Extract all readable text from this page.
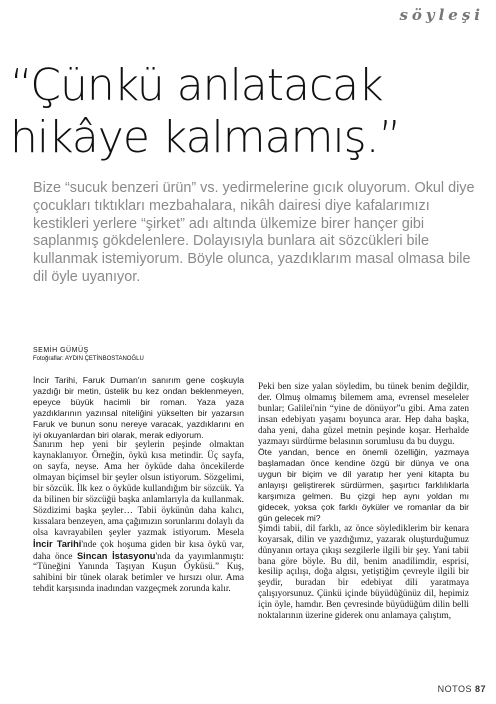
söyleşi
“Çünkü anlatacak hikâye kalmamış.”

Bize “sucuk benzeri ürün” vs. yedirmelerine gıcık oluyorum. Okul diye çocukları tıktıkları mezbahalara, nikâh dairesi diye kafalarımızı kestikleri yerlere “şirket” adı altında ülkemize birer hançer gibi saplanmış gökdelenlere. Dolayısıyla bunlara ait sözcükleri bile kullanmak istemiyorum. Böyle olunca, yazdıklarım masal olmasa bile dil öyle uyanıyor.

SEMİH GÜMÜŞ
Fotoğraflar: AYDIN ÇETİNBOSTANOĞLU

İncir Tarihi, Faruk Duman'ın sanırım gene coşkuyla yazdığı bir metin, üstelik bu kez ondan beklenmeyen, epeyce büyük hacimli bir roman. Yaza yaza yazdıklarının yazınsal niteliğini yükselten bir yazarsın Faruk ve bunun sonu nereye varacak, yazdıklarını en iyi okuyanlardan biri olarak, merak ediyorum.

Sanırım hep yeni bir şeylerin peşinde olmaktan kaynaklanıyor. Örneğin, öykü kısa metindir. Üç sayfa, on sayfa, neyse. Ama her öyküde daha öncekilerde olmayan biçimsel bir şeyler olsun istiyorum. Sözgelimi, bir sözcük. İlk kez o öyküde kullandığım bir sözcük. Ya da bilinen bir sözcüğü başka anlamlarıyla da kullanmak. Sözdizimi başka şeyler… Tabii öykünün daha kalıcı, kıssalara benzeyen, ama çağımızın sorunlarını dolaylı da olsa kavrayabilen şeyler yazmak istiyorum. Mesela İncir Tarihi'nde çok hoşuma giden bir kısa öykü var, daha önce Sincan İstasyonu'nda da yayımlanmıştı: “Tüneğini Yanında Taşıyan Kuşun Öyküsü.” Kuş, sahibini bir tünek olarak betimler ve hırsızı olur. Ama tehdit karşısında inadından vazgeçmek zorunda kalır.

Peki ben size yalan söyledim, bu tünek benim değildir, der. Olmuş olmamış bilemem ama, evrensel meseleler bunlar; Galilei'nin “yine de dönüyor”u gibi. Ama zaten insan edebiyatı yaşamı boyunca arar. Hep daha başka, daha yeni, daha güzel metnin peşinde koşar. Herhalde yazmayı sürdürme belasının sorumlusu da bu duygu.

Öte yandan, bence en önemli özelliğin, yazmaya başlamadan önce kendine özgü bir dünya ve ona uygun bir biçim ve dil yaratıp her yeni kitapta bu anlayışı geliştirerek sürdürmen, şaşırtıcı farklılıklarla karşımıza gelmen. Bu çizgi hep aynı yoldan mı gidecek, yoksa çok farklı öyküler ve romanlar da bir gün gelecek mi?

Şimdi tabii, dil farklı, az önce söylediklerim bir kenara koyarsak, dilin ve yazdığımız, yazarak oluşturduğumuz dünyanın ortaya çıkışı sezgilerle ilgili bir şey. Yani tabii bana göre böyle. Bu dil, benim anadilimdir, esprisi, kesilip açılışı, doğa algısı, yetiştiğim çevreyle ilgili bir şeydir, buradan bir edebiyat dili yaratmaya çalışıyorsunuz. Çünkü içinde büyüdüğünüz dil, hepimiz için öyle, hamdır. Ben çevresinde büyüdüğüm dilin belli noktalarının üzerine giderek onu anlamaya çalıştım,

NOTOS 87
